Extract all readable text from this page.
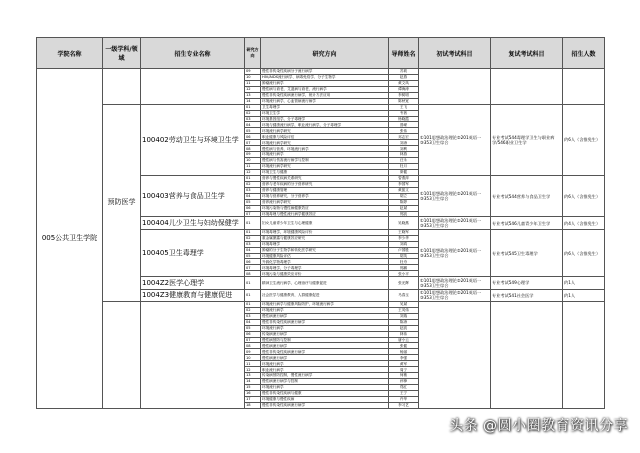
学院名称	一级学科/领域	招生专业名称	研究方向	研究方向	导师姓名	初试考试科目	复试考试科目	招生人数
005公共卫生学院			09	慢性非传染性疾病分子流行病学	苏莉			
			10	HIV/AIDS流行病学、病毒免疫学、分子生物学	赵燕			
			11	肿瘤流行病学	黄文凤			
			12	慢性病与衰老，艾滋病与衰老，流行病学	谭海涛			
			13	慢性非传染性疾病流行病学，统计方法应用	李树明			
			14	环境流行病学，心血管病流行病学	陈秋宽			
	预防医学	100402劳动卫生与环境卫生学	01	卫生毒理学	王飞	①101思想政治理论②201英语一③353卫生综合	专业考试544毒理学卫生与职业病学/546职业卫生学	约6人（含推免生）
			02	环境卫生学	韦茜			
			03	环境基因组学，分子毒理学	杨晓霞			
			04	环境与健康流行病学，职业流行病学，分子毒理学	曾嵘			
			05	环境流行病学研究	张伟			
			06	职业健康与风险评估	邓志宏			
			07	环境流行病学研究	刘涛			
			08	慢性病与营养，环境流行病学	刘利			
			09	环境流行病学	林燕			
			10	慢性病与伤害流行病学与控制	汪永			
			11	环境流行病学研究	杜月			
			12	环境卫生与健康	廖健			
		100403营养与食品卫生学	01	营养与慢性疾病关系研究	曾燕萍	①101思想政治理论②201英语一③353卫生综合	专业考试544营养与食品卫生学	约6人（含推免生）
			02	营养与老年疾病的分子营养研究	李国军			
			03	营养与健康管理	黄振文			
			04	环境与营养研究，分子营养学	胡立			
			05	营养流行病学研究	陈婷			
			06	环境污染物与慢性病健康效应	赵斌			
			07	环境毒理与慢性流行病学健康效应	郭凯			
		100404儿少卫生与妇幼保健学	01	妇女儿童青少年卫生与心理健康	吴晓燕	①101思想政治理论②201英语一③353卫生综合	专业考试546儿童青少年卫生学	约4人（含推免生）
		100405卫生毒理学	01	环境毒理学，环境健康风险评价	王晓军	①101思想政治理论②201英语一③353卫生综合	专业考试545卫生毒理学	约6人（含推免生）
			02	重金属暴露与健康效应研究	李少华			
			03	环境毒理学	刘鸿			
			04	肿瘤的分子生物学和转化医学研究	卢国胜			
			05	环境健康风险评估	胡英			
			06	外源化学物毒理学	杜舟			
			07	环境毒理学，分子毒理学	郭鹏			
			08	环境污染与健康效应评价	张小平			
		1004Z2医学心理学	01	精神卫生流行病学，心理治疗与健康促进	张光辉	①101思想政治理论②201英语一③353卫生综合	专业考试549心理学	约1人
		1004Z3健康教育与健康促进	01	社会医学与健康教育，人群健康促进	马春玉	①101思想政治理论②201英语一③353卫生综合	专业考试541社会医学	约1人
			01	环境流行病学与健康风险防护，环境流行病学	吴斌			
			02	环境流行病学	王英伟			
			03	慢性病流行病学	刘瑞			
			04	慢性非传染性疾病流行病学	陈涛			
			05	环境流行病学	赵凯			
			06	传染病流行病学	林伟			
			07	慢性病预防与控制	唐小云			
			08	慢性病流行病学	张健			
			09	慢性非传染性疾病流行病学	杨丽			
			10	慢性病流行病学	李强			
			11	环境流行病学	黄军			
			12	职业流行病学	周宁			
			13	传染病预防控制，慢性流行病学	何敏			
			14	慢性病流行病学与控制	孙锋			
			15	环境流行病学	郑红			
			16	慢性非传染性疾病与健康	王宁			
			17	环境健康与慢性疾病	许华			
			18	慢性非传染性疾病流行病学	李习艺			
头条 @圆小圈教育资讯分享
